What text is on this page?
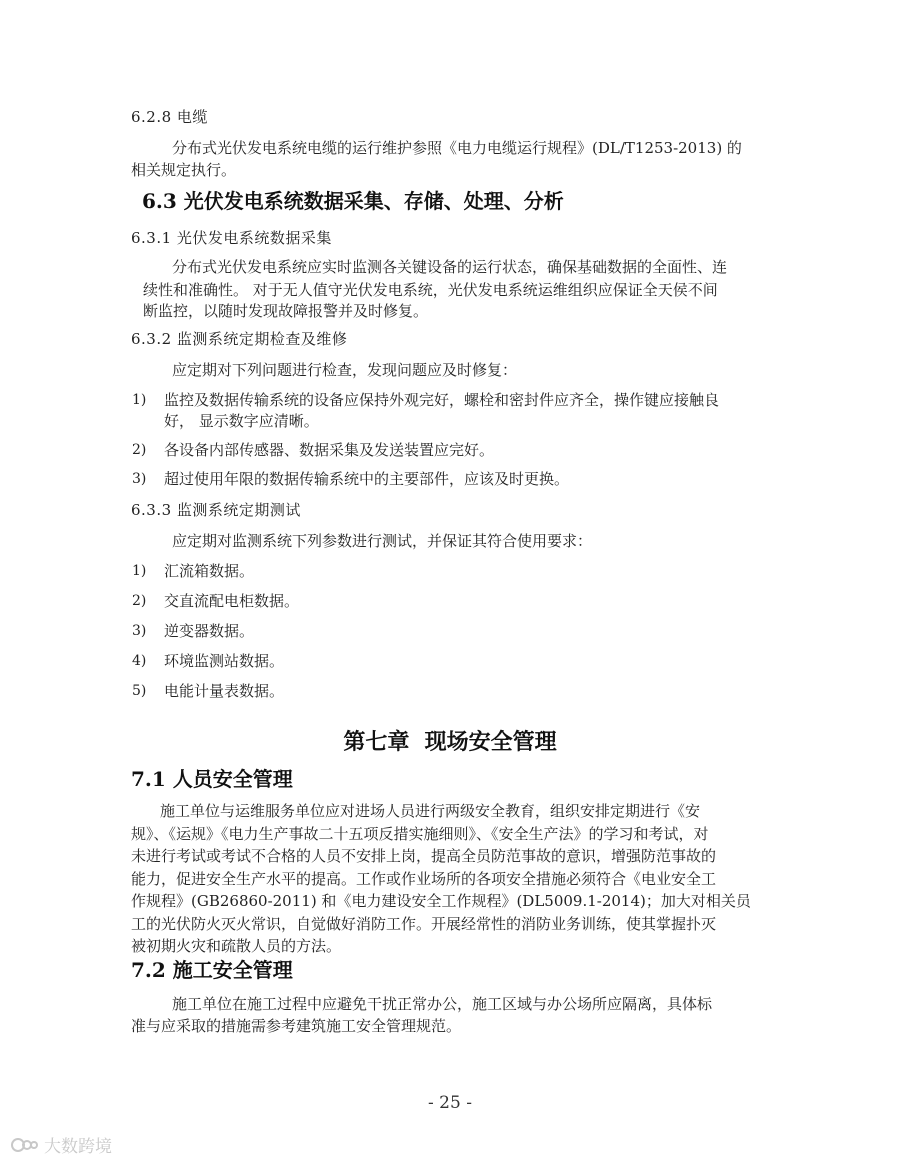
6.2.8 电缆
分布式光伏发电系统电缆的运行维护参照《电力电缆运行规程》(DL/T1253-2013) 的
相关规定执行。
6.3 光伏发电系统数据采集、存储、处理、分析
6.3.1 光伏发电系统数据采集
分布式光伏发电系统应实时监测各关键设备的运行状态，确保基础数据的全面性、连
续性和准确性。 对于无人值守光伏发电系统，光伏发电系统运维组织应保证全天侯不间
断监控，以随时发现故障报警并及时修复。
6.3.2 监测系统定期检查及维修
应定期对下列问题进行检查，发现问题应及时修复：
1) 监控及数据传输系统的设备应保持外观完好，螺栓和密封件应齐全，操作键应接触良
好， 显示数字应清晰。
2) 各设备内部传感器、数据采集及发送装置应完好。
3) 超过使用年限的数据传输系统中的主要部件，应该及时更换。
6.3.3 监测系统定期测试
应定期对监测系统下列参数进行测试，并保证其符合使用要求：
1) 汇流箱数据。
2) 交直流配电柜数据。
3) 逆变器数据。
4) 环境监测站数据。
5) 电能计量表数据。
第七章  现场安全管理
7.1 人员安全管理
施工单位与运维服务单位应对进场人员进行两级安全教育，组织安排定期进行《安
规》、《运规》《电力生产事故二十五项反措实施细则》、《安全生产法》的学习和考试，对
未进行考试或考试不合格的人员不安排上岗，提高全员防范事故的意识，增强防范事故的
能力，促进安全生产水平的提高。工作或作业场所的各项安全措施必须符合《电业安全工
作规程》(GB26860-2011) 和《电力建设安全工作规程》(DL5009.1-2014)；加大对相关员
工的光伏防火灭火常识，自觉做好消防工作。开展经常性的消防业务训练，使其掌握扑灭
被初期火灾和疏散人员的方法。
7.2 施工安全管理
施工单位在施工过程中应避免干扰正常办公，施工区域与办公场所应隔离，具体标
准与应采取的措施需参考建筑施工安全管理规范。
- 25 -
大数跨境
